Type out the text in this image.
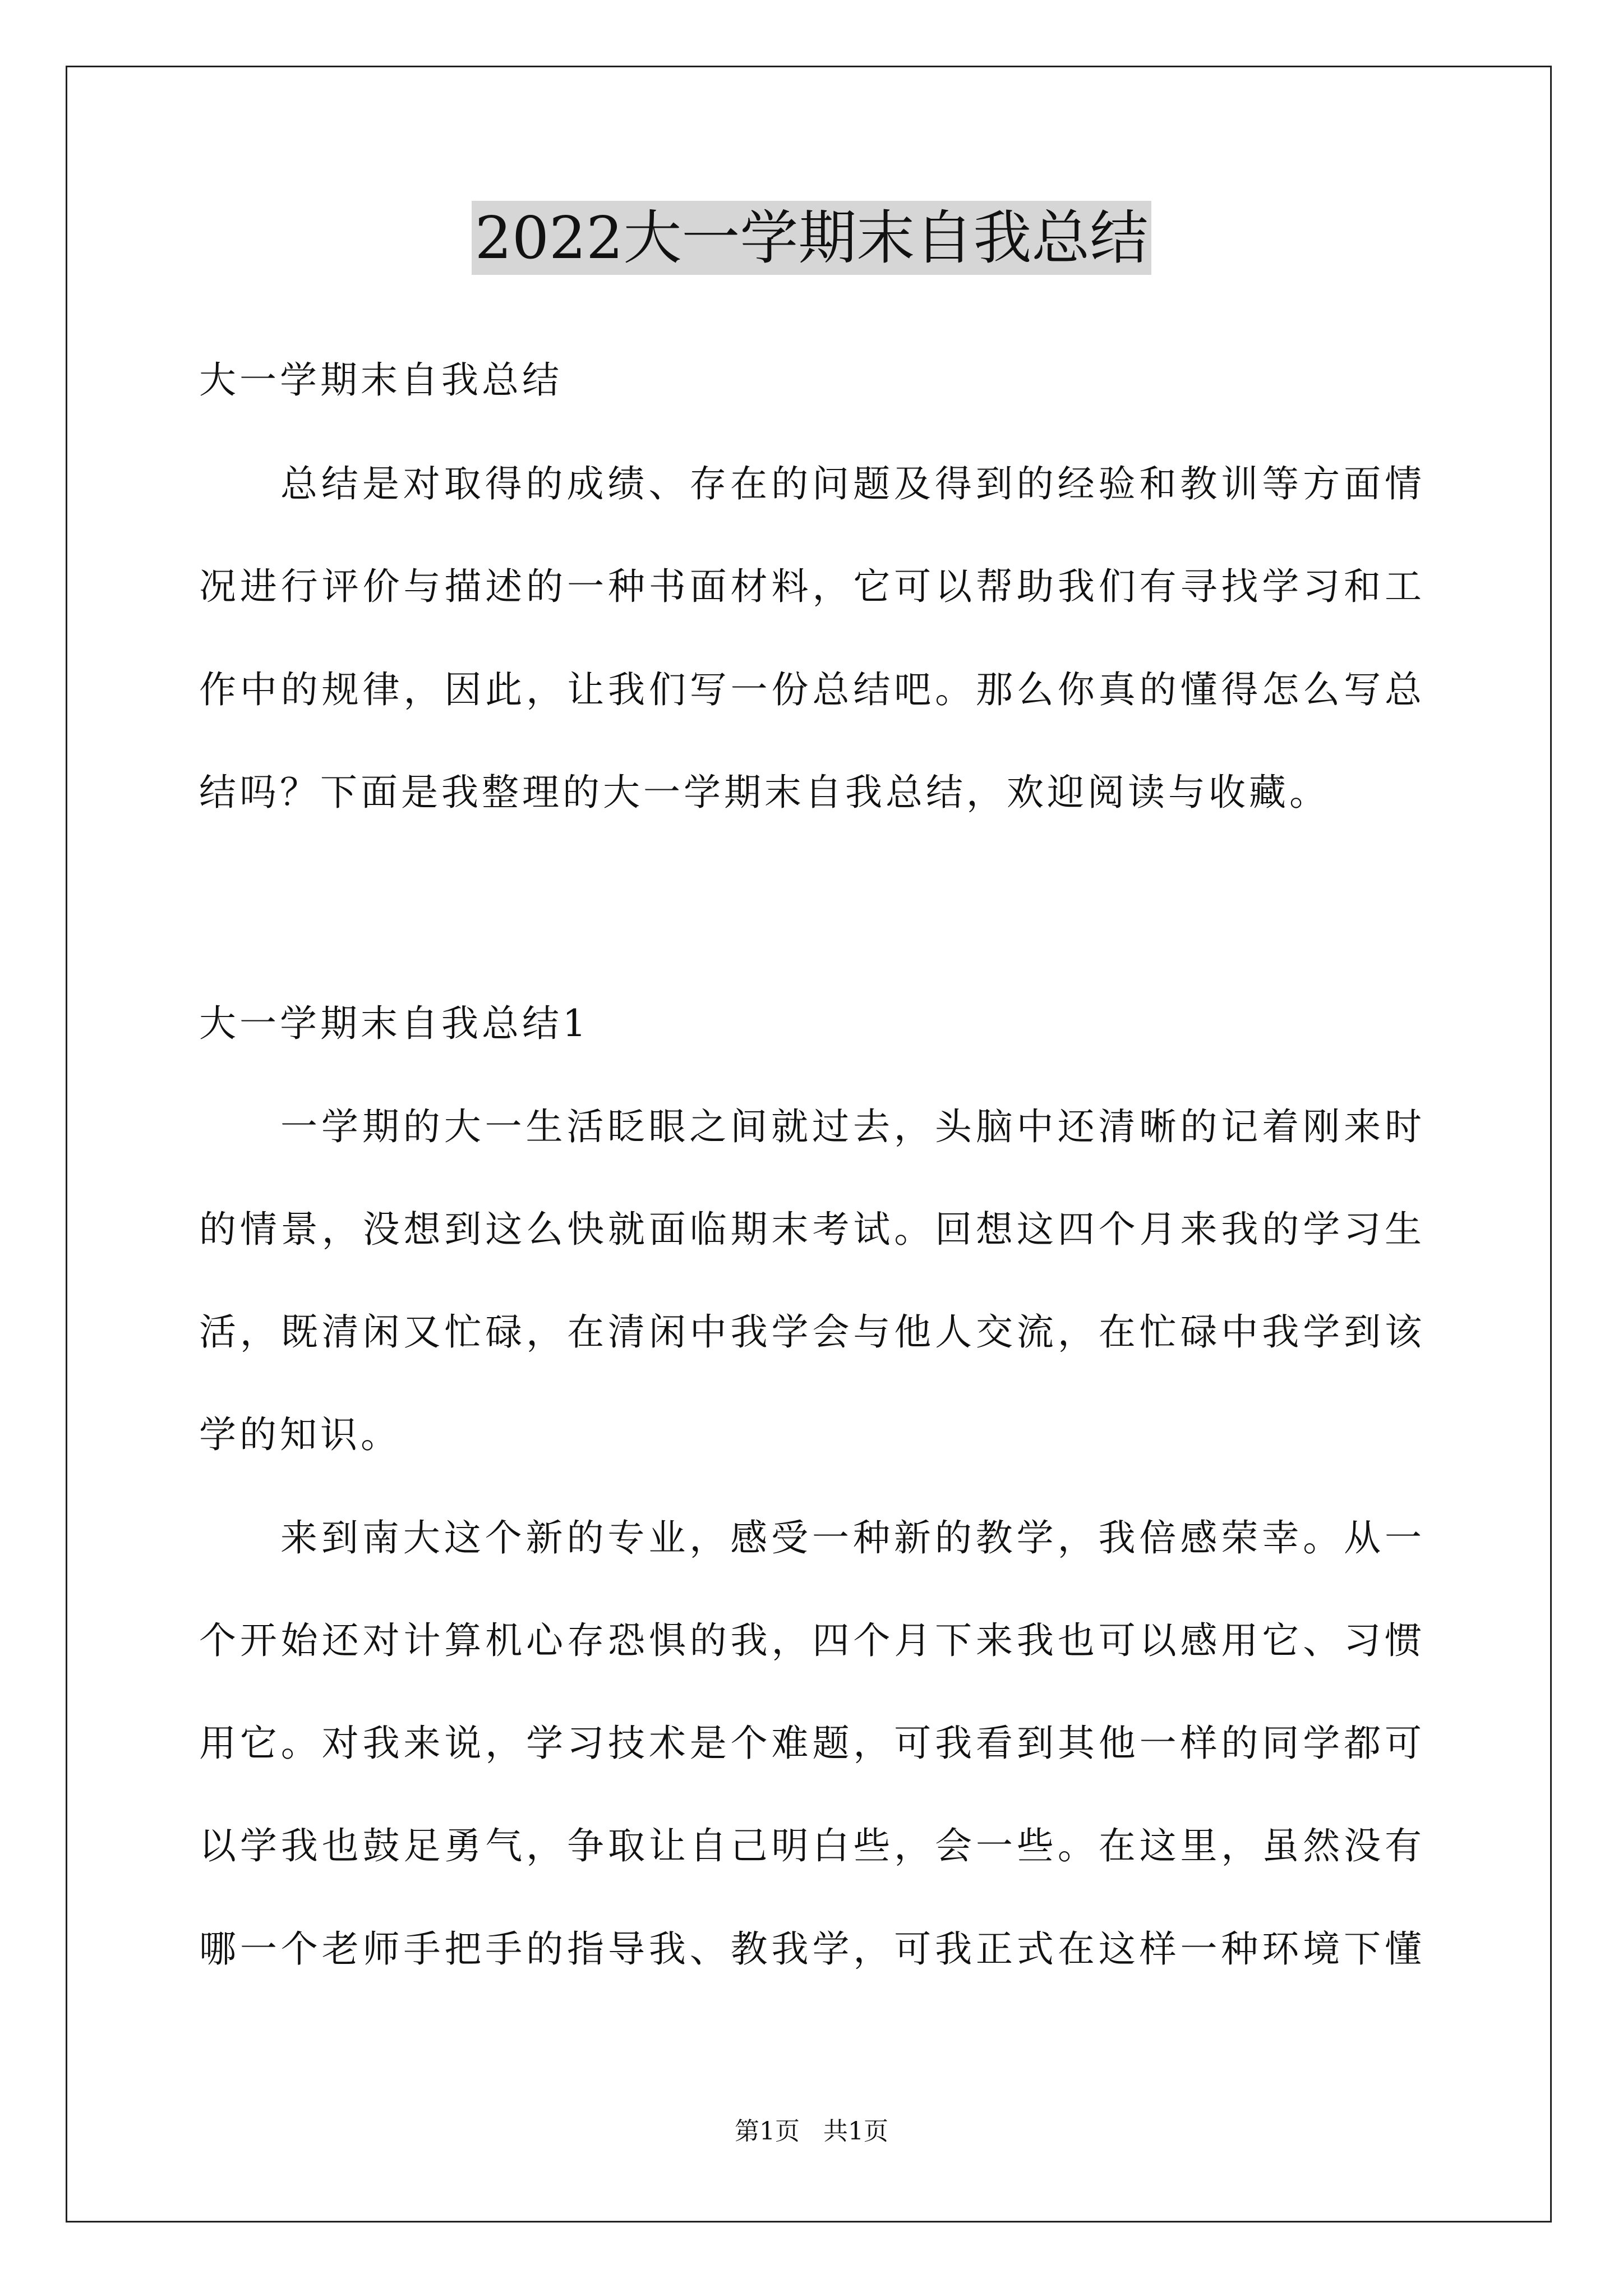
2022大一学期末自我总结
大一学期末自我总结
总结是对取得的成绩、存在的问题及得到的经验和教训等方面情
况进行评价与描述的一种书面材料，它可以帮助我们有寻找学习和工
作中的规律，因此，让我们写一份总结吧。那么你真的懂得怎么写总
结吗？下面是我整理的大一学期末自我总结，欢迎阅读与收藏。
大一学期末自我总结1
一学期的大一生活眨眼之间就过去，头脑中还清晰的记着刚来时
的情景，没想到这么快就面临期末考试。回想这四个月来我的学习生
活，既清闲又忙碌，在清闲中我学会与他人交流，在忙碌中我学到该
学的知识。
来到南大这个新的专业，感受一种新的教学，我倍感荣幸。从一
个开始还对计算机心存恐惧的我，四个月下来我也可以感用它、习惯
用它。对我来说，学习技术是个难题，可我看到其他一样的同学都可
以学我也鼓足勇气，争取让自己明白些，会一些。在这里，虽然没有
哪一个老师手把手的指导我、教我学，可我正式在这样一种环境下懂
第1页   共1页
